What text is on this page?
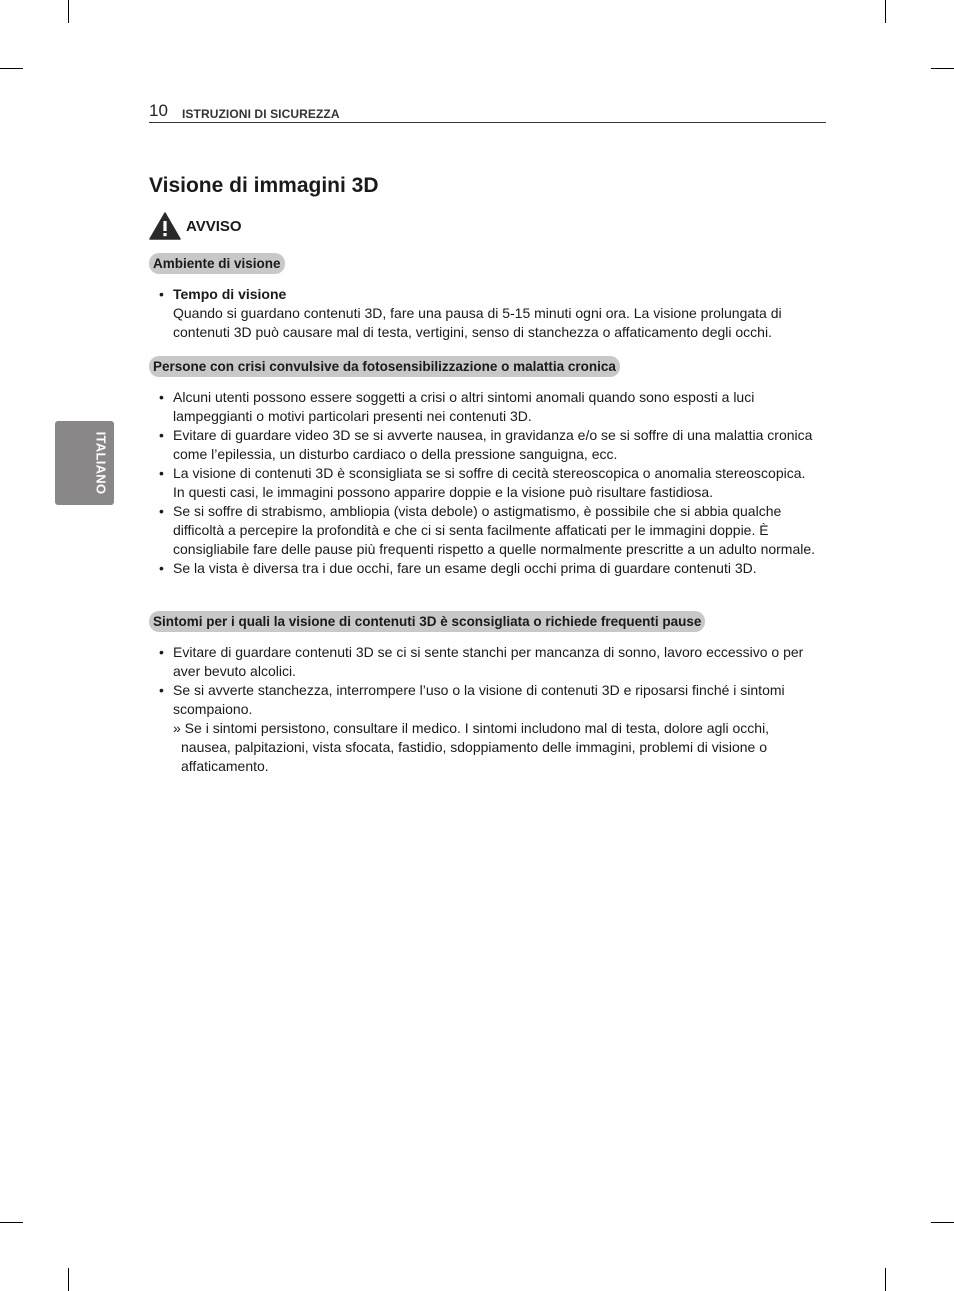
10 ISTRUZIONI DI SICUREZZA
ITALIANO
Visione di immagini 3D
AVVISO
Ambiente di visione
• Tempo di visione
Quando si guardano contenuti 3D, fare una pausa di 5-15 minuti ogni ora. La visione prolungata di contenuti 3D può causare mal di testa, vertigini, senso di stanchezza o affaticamento degli occhi.
Persone con crisi convulsive da fotosensibilizzazione o malattia cronica
• Alcuni utenti possono essere soggetti a crisi o altri sintomi anomali quando sono esposti a luci lampeggianti o motivi particolari presenti nei contenuti 3D.
• Evitare di guardare video 3D se si avverte nausea, in gravidanza e/o se si soffre di una malattia cronica come l’epilessia, un disturbo cardiaco o della pressione sanguigna, ecc.
• La visione di contenuti 3D è sconsigliata se si soffre di cecità stereoscopica o anomalia stereoscopica. In questi casi, le immagini possono apparire doppie e la visione può risultare fastidiosa.
• Se si soffre di strabismo, ambliopia (vista debole) o astigmatismo, è possibile che si abbia qualche difficoltà a percepire la profondità e che ci si senta facilmente affaticati per le immagini doppie. È consigliabile fare delle pause più frequenti rispetto a quelle normalmente prescritte a un adulto normale.
• Se la vista è diversa tra i due occhi, fare un esame degli occhi prima di guardare contenuti 3D.
Sintomi per i quali la visione di contenuti 3D è sconsigliata o richiede frequenti pause
• Evitare di guardare contenuti 3D se ci si sente stanchi per mancanza di sonno, lavoro eccessivo o per aver bevuto alcolici.
• Se si avverte stanchezza, interrompere l’uso o la visione di contenuti 3D e riposarsi finché i sintomi scompaiono.
» Se i sintomi persistono, consultare il medico. I sintomi includono mal di testa, dolore agli occhi, nausea, palpitazioni, vista sfocata, fastidio, sdoppiamento delle immagini, problemi di visione o affaticamento.
